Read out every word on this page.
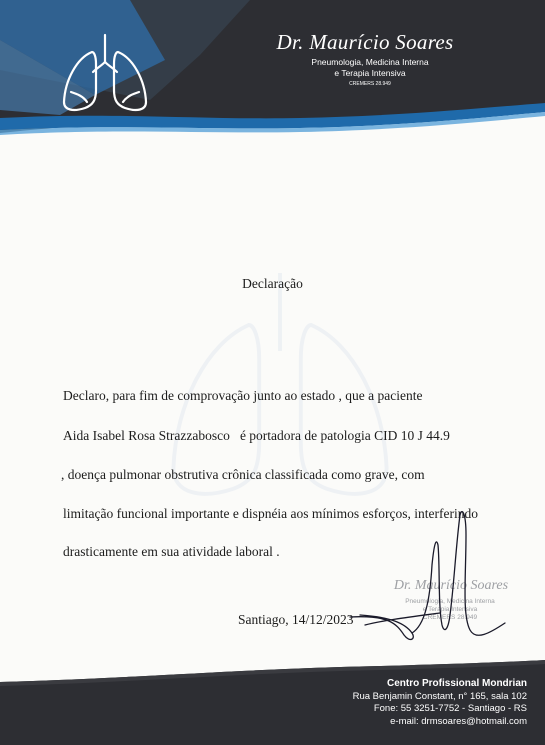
Dr. Maurício Soares
Pneumologia, Medicina Interna
e Terapia Intensiva
CREMERS 28.949
Declaração
Declaro, para fim de comprovação junto ao estado , que a paciente
Aida Isabel Rosa Strazzabosco   é portadora de patologia CID 10 J 44.9
, doença pulmonar obstrutiva crônica classificada como grave, com
limitação funcional importante e dispnéia aos mínimos esforços, interferindo
drasticamente em sua atividade laboral .
Dr. Maurício Soares
Pneumologia, Medicina Interna
e Terapia Intensiva
CREMERS 28.949
Santiago, 14/12/2023
Centro Profissional Mondrian
Rua Benjamin Constant, n° 165, sala 102
Fone: 55 3251-7752 - Santiago - RS
e-mail: drmsoares@hotmail.com
